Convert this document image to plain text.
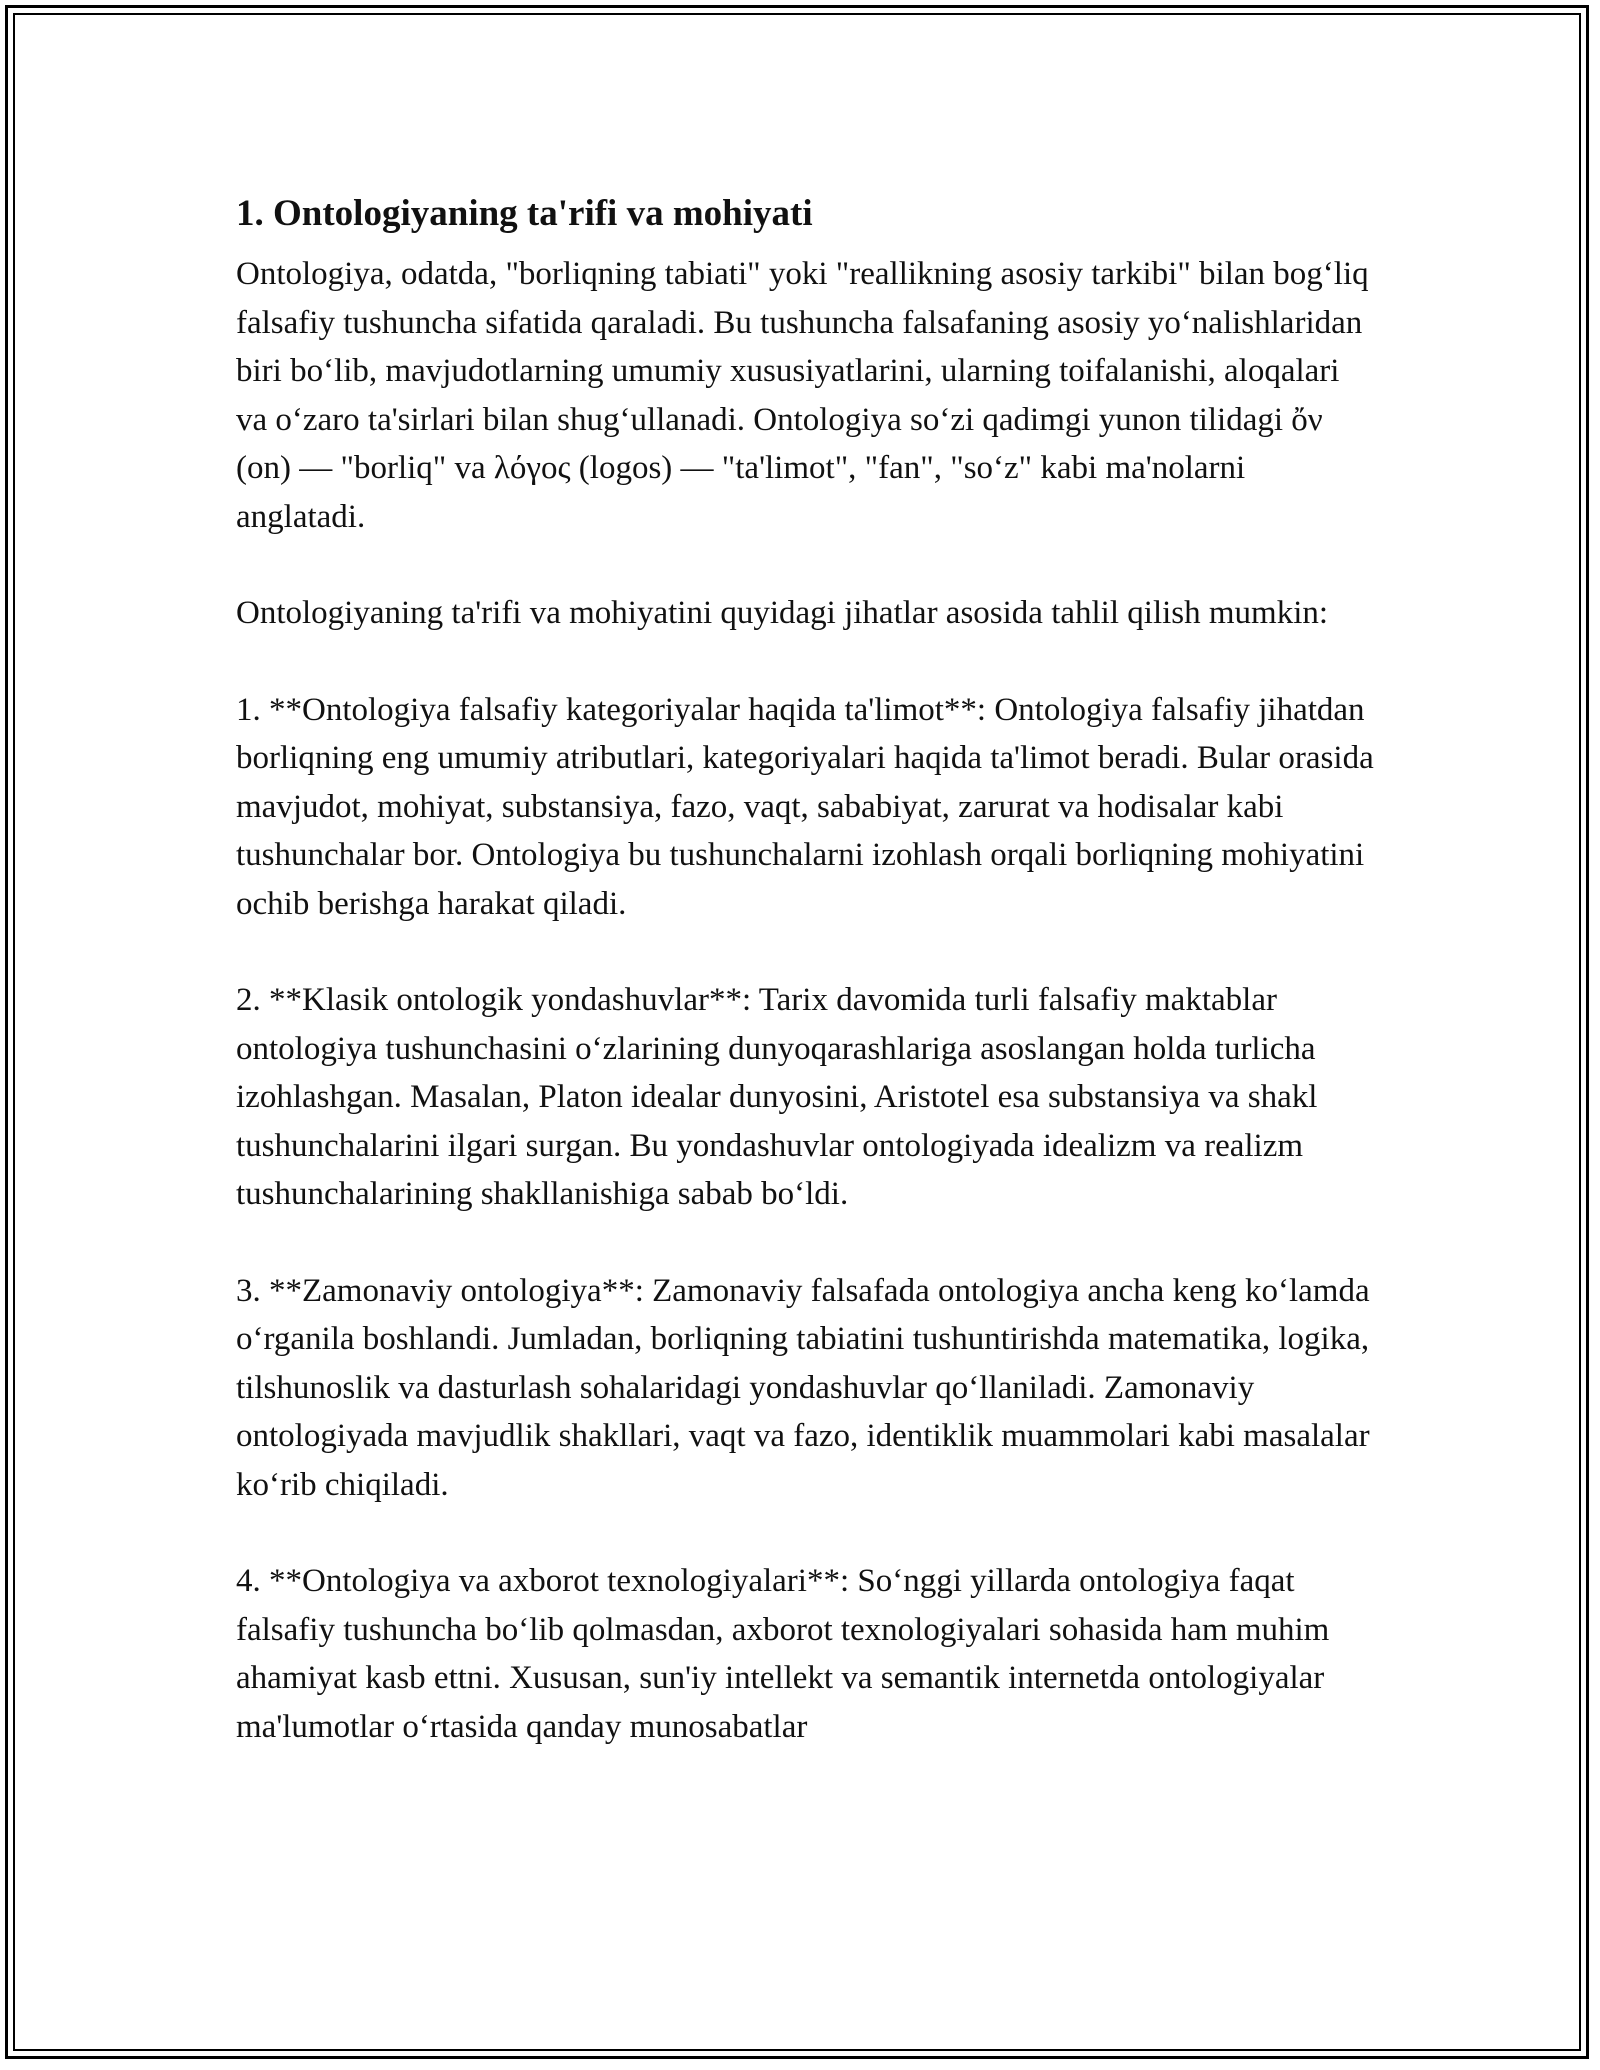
1. Ontologiyaning ta'rifi va mohiyati

Ontologiya, odatda, "borliqning tabiati" yoki "reallikning asosiy tarkibi" bilan bog‘liq falsafiy tushuncha sifatida qaraladi. Bu tushuncha falsafaning asosiy yo‘nalishlaridan biri bo‘lib, mavjudotlarning umumiy xususiyatlarini, ularning toifalanishi, aloqalari va o‘zaro ta'sirlari bilan shug‘ullanadi. Ontologiya so‘zi qadimgi yunon tilidagi ὄν (on) — "borliq" va λόγος (logos) — "ta'limot", "fan", "so‘z" kabi ma'nolarni anglatadi.

Ontologiyaning ta'rifi va mohiyatini quyidagi jihatlar asosida tahlil qilish mumkin:

1. **Ontologiya falsafiy kategoriyalar haqida ta'limot**: Ontologiya falsafiy jihatdan borliqning eng umumiy atributlari, kategoriyalari haqida ta'limot beradi. Bular orasida mavjudot, mohiyat, substansiya, fazo, vaqt, sababiyat, zarurat va hodisalar kabi tushunchalar bor. Ontologiya bu tushunchalarni izohlash orqali borliqning mohiyatini ochib berishga harakat qiladi.

2. **Klasik ontologik yondashuvlar**: Tarix davomida turli falsafiy maktablar ontologiya tushunchasini o‘zlarining dunyoqarashlariga asoslangan holda turlicha izohlashgan. Masalan, Platon idealar dunyosini, Aristotel esa substansiya va shakl tushunchalarini ilgari surgan. Bu yondashuvlar ontologiyada idealizm va realizm tushunchalarining shakllanishiga sabab bo‘ldi.

3. **Zamonaviy ontologiya**: Zamonaviy falsafada ontologiya ancha keng ko‘lamda o‘rganila boshlandi. Jumladan, borliqning tabiatini tushuntirishda matematika, logika, tilshunoslik va dasturlash sohalaridagi yondashuvlar qo‘llaniladi. Zamonaviy ontologiyada mavjudlik shakllari, vaqt va fazo, identiklik muammolari kabi masalalar ko‘rib chiqiladi.

4. **Ontologiya va axborot texnologiyalari**: So‘nggi yillarda ontologiya faqat falsafiy tushuncha bo‘lib qolmasdan, axborot texnologiyalari sohasida ham muhim ahamiyat kasb ettni. Xususan, sun'iy intellekt va semantik internetda ontologiyalar ma'lumotlar o‘rtasida qanday munosabatlar
